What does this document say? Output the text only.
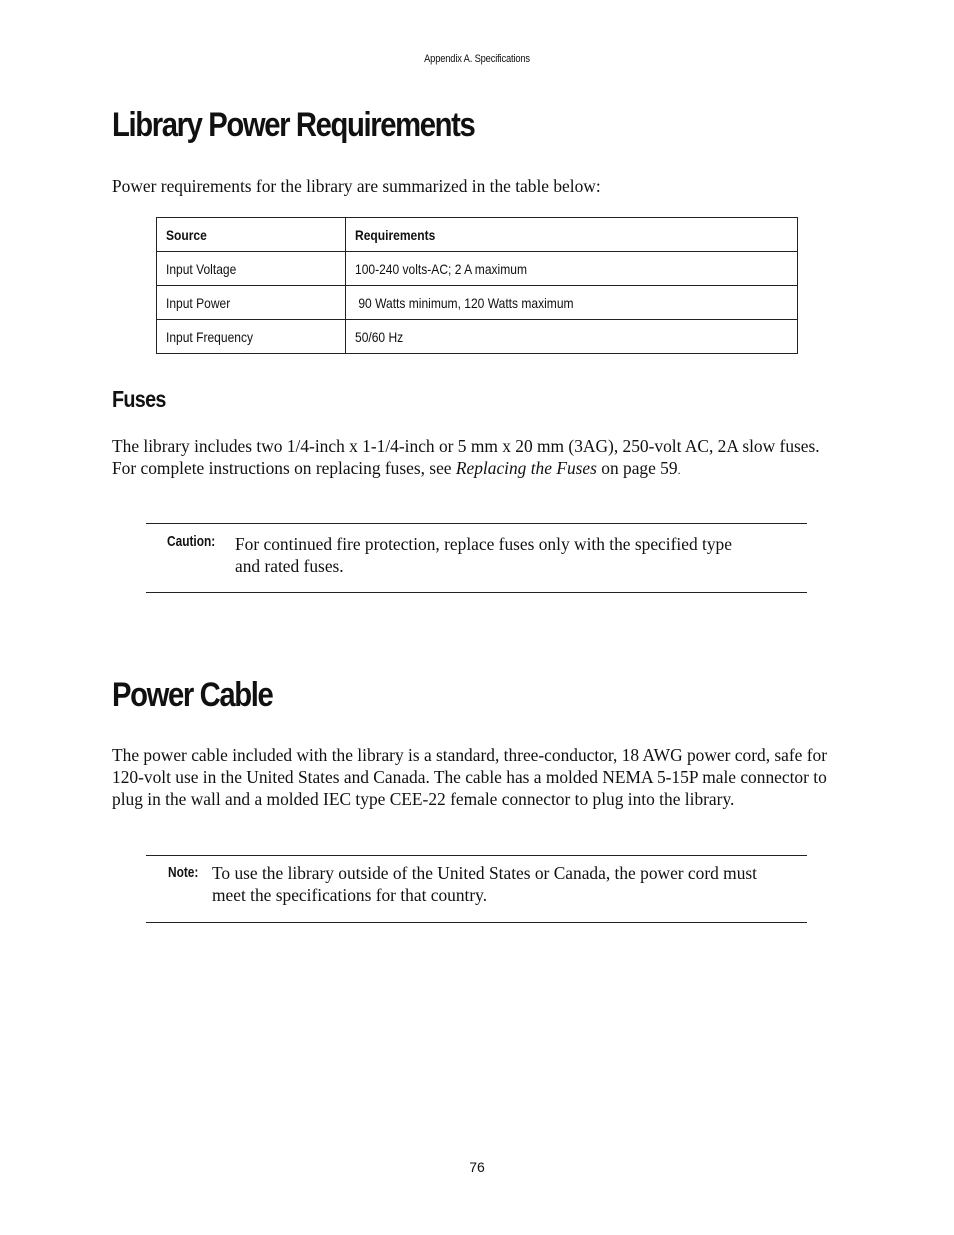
Appendix A. Specifications
Library Power Requirements

Power requirements for the library are summarized in the table below:

Source	Requirements
Input Voltage	100-240 volts-AC; 2 A maximum
Input Power	90 Watts minimum, 120 Watts maximum
Input Frequency	50/60 Hz
Fuses

The library includes two 1/4-inch x 1-1/4-inch or 5 mm x 20 mm (3AG), 250-volt AC, 2A slow fuses. For complete instructions on replacing fuses, see Replacing the Fuses on page 59.

Caution: For continued fire protection, replace fuses only with the specified type and rated fuses.
Power Cable

The power cable included with the library is a standard, three-conductor, 18 AWG power cord, safe for 120-volt use in the United States and Canada. The cable has a molded NEMA 5-15P male connector to plug in the wall and a molded IEC type CEE-22 female connector to plug into the library.

Note: To use the library outside of the United States or Canada, the power cord must meet the specifications for that country.
76
